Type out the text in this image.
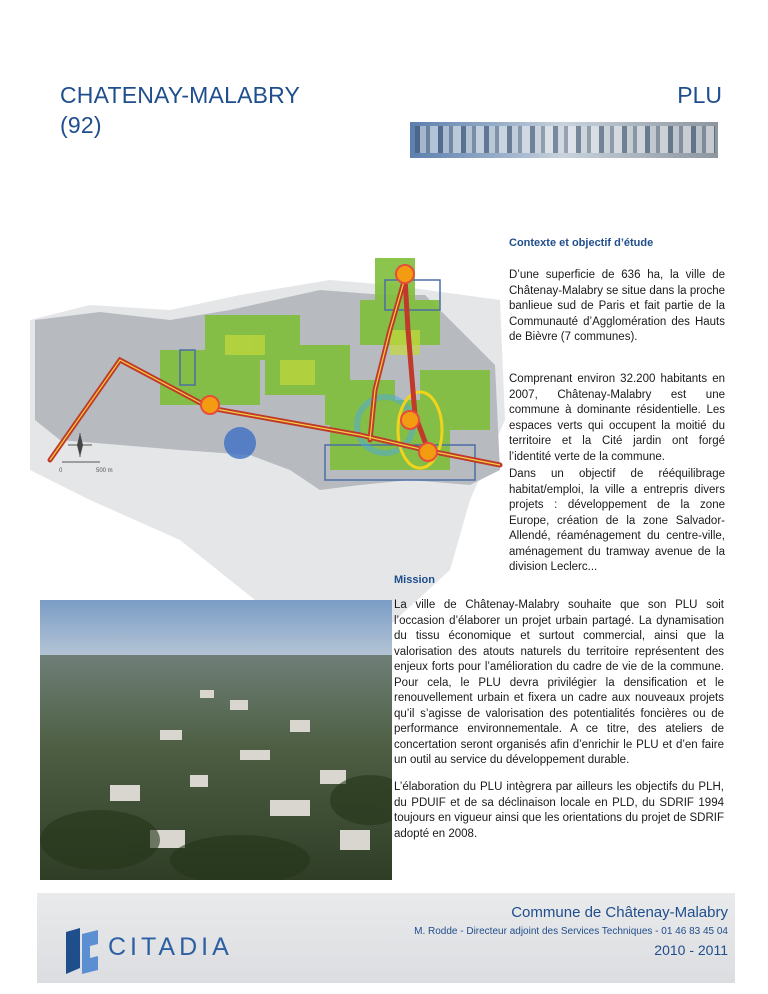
CHATENAY-MALABRY
(92)
PLU
0	500 m
Contexte et objectif d’étude
D’une superficie de 636 ha, la ville de Châtenay-Malabry se situe dans la proche banlieue sud de Paris et fait partie de la Communauté d’Agglomération des Hauts de Bièvre (7 communes).
Comprenant environ 32.200 habitants en 2007, Châtenay-Malabry est une commune à dominante résidentielle. Les espaces verts qui occupent la moitié du territoire et la Cité jardin ont forgé l’identité verte de la commune.
Dans un objectif de rééquilibrage habitat/emploi, la ville a entrepris divers projets : développement de la zone Europe, création de la zone Salvador-Allendé, réaménagement du centre-ville, aménagement du tramway avenue de la division Leclerc...
Mission
La ville de Châtenay-Malabry souhaite que son PLU soit l’occasion d’élaborer un projet urbain partagé. La dynamisation du tissu économique et surtout commercial, ainsi que la valorisation des atouts naturels du territoire représentent des enjeux forts pour l’amélioration du cadre de vie de la commune. Pour cela, le PLU devra privilégier la densification et le renouvellement urbain et fixera un cadre aux nouveaux projets qu’il s’agisse de valorisation des potentialités foncières ou de performance environnementale. A ce titre, des ateliers de concertation seront organisés afin d’enrichir le PLU et d’en faire un outil au service du développement durable.
L’élaboration du PLU intègrera par ailleurs les objectifs du PLH, du PDUIF et de sa déclinaison locale en PLD, du SDRIF 1994 toujours en vigueur ainsi que les orientations du projet de SDRIF adopté en 2008.
CITADIA
Commune de Châtenay-Malabry
M. Rodde - Directeur adjoint des Services Techniques - 01 46 83 45 04
2010 - 2011
